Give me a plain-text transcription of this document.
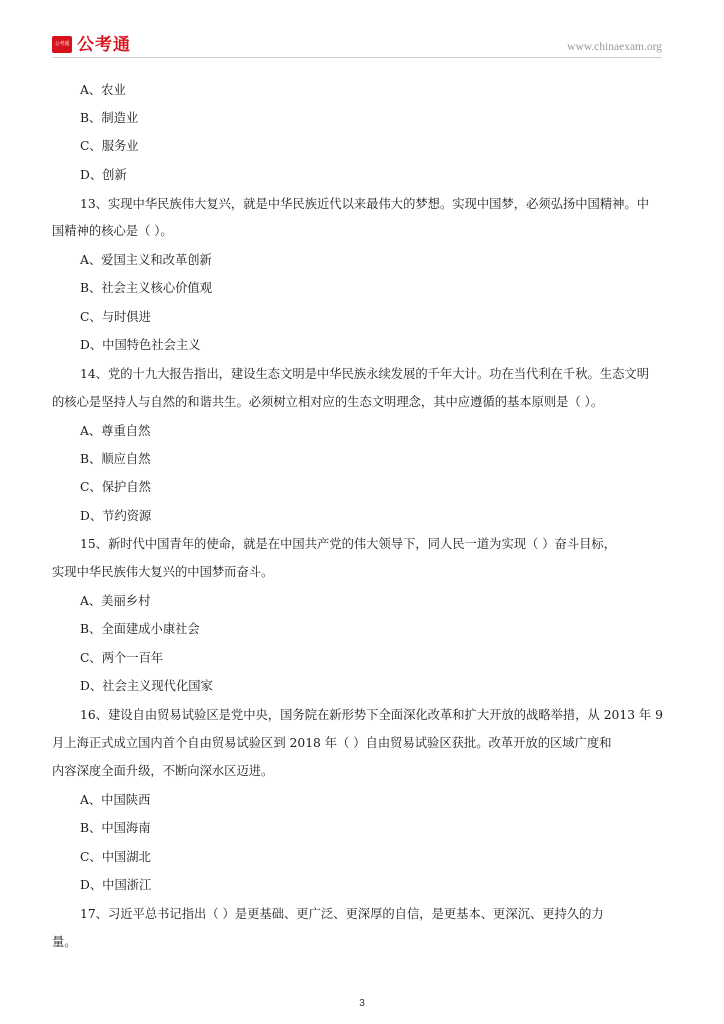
公考通 公考通	www.chinaexam.org
A、农业
B、制造业
C、服务业
D、创新
13、实现中华民族伟大复兴，就是中华民族近代以来最伟大的梦想。实现中国梦，必须弘扬中国精神。中
国精神的核心是（ ）。
A、爱国主义和改革创新
B、社会主义核心价值观
C、与时俱进
D、中国特色社会主义
14、党的十九大报告指出，建设生态文明是中华民族永续发展的千年大计。功在当代利在千秋。生态文明
的核心是坚持人与自然的和谐共生。必须树立相对应的生态文明理念，其中应遵循的基本原则是（ ）。
A、尊重自然
B、顺应自然
C、保护自然
D、节约资源
15、新时代中国青年的使命，就是在中国共产党的伟大领导下，同人民一道为实现（ ）奋斗目标，
实现中华民族伟大复兴的中国梦而奋斗。
A、美丽乡村
B、全面建成小康社会
C、两个一百年
D、社会主义现代化国家
16、建设自由贸易试验区是党中央，国务院在新形势下全面深化改革和扩大开放的战略举措，从 2013 年 9
月上海正式成立国内首个自由贸易试验区到 2018 年（ ）自由贸易试验区获批。改革开放的区域广度和
内容深度全面升级，不断向深水区迈进。
A、中国陕西
B、中国海南
C、中国湖北
D、中国浙江
17、习近平总书记指出（ ）是更基础、更广泛、更深厚的自信，是更基本、更深沉、更持久的力
量。
3
